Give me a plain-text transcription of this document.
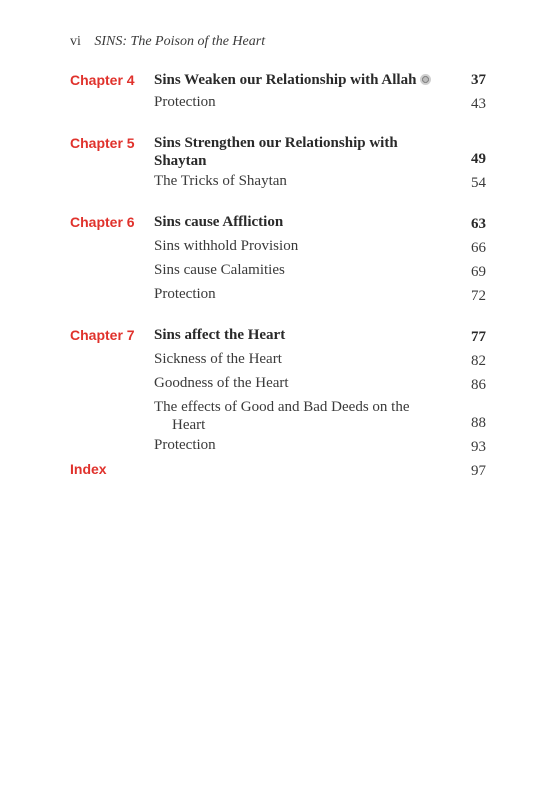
vi SINS: The Poison of the Heart
Chapter 4	Sins Weaken our Relationship with Allah	37
Protection	43
Chapter 5	Sins Strengthen our Relationship with Shaytan	49
The Tricks of Shaytan	54
Chapter 6	Sins cause Affliction	63
Sins withhold Provision	66
Sins cause Calamities	69
Protection	72
Chapter 7	Sins affect the Heart	77
Sickness of the Heart	82
Goodness of the Heart	86
The effects of Good and Bad Deeds on the Heart	88
Protection	93
Index	97
